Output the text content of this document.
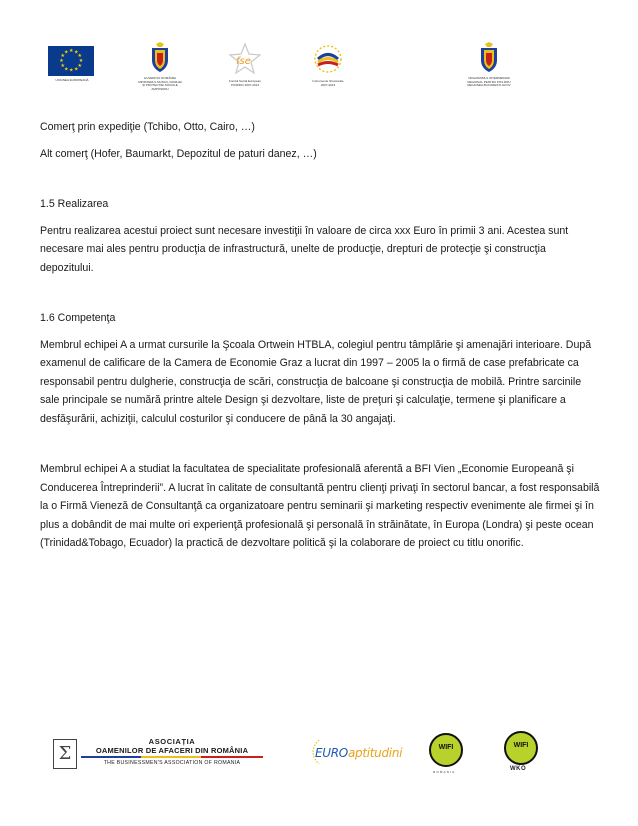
★ ★
★
★
★
★
★
★
★
★
★
★
UNIUNEA EUROPEANĂ	GUVERNUL ROMÂNIEI
MINISTERUL MUNCII, FAMILIEI
ȘI PROTECȚIEI SOCIALE
AMPOSDRU
fse
Fondul Social European
POSDRU 2007-2013
Instrumente Structurale
2007-2013
ORGANISMUL INTERMEDIAR
REGIONAL PENTRU POS DRU
REGIUNEA BUCUREȘTI-ILFOV

Comerţ prin expediţie (Tchibo, Otto, Cairo, …)

Alt comerţ (Hofer, Baumarkt, Depozitul de paturi danez, …)

1.5 Realizarea

Pentru realizarea acestui proiect sunt necesare investiţii în valoare de circa xxx Euro în primii 3 ani. Acestea sunt necesare mai ales pentru producţia de infrastructură, unelte de producţie, drepturi de protecţie şi construcţia depozitului.

1.6 Competenţa

Membrul echipei A a urmat cursurile la Şcoala Ortwein HTBLA, colegiul pentru tâmplărie şi amenajări interioare. După examenul de calificare de la Camera de Economie Graz a lucrat din 1997 – 2005 la o firmă de case prefabricate ca responsabil pentru dulgherie, construcţia de scări, construcţia de balcoane şi construcţia de mobilă. Printre sarcinile sale principale se numără printre altele Design şi dezvoltare, liste de preţuri şi calculaţie, termene şi planificare a desfăşurării, achiziţii, calculul costurilor şi conducere de până la 30 angajaţi.

Membrul echipei A a studiat la facultatea de specialitate profesională aferentă a BFI Vien „Economie Europeană şi Conducerea Întreprinderii”. A lucrat în calitate de consultantă pentru clienţi privaţi în sectorul bancar, a fost responsabilă la o Firmă Vieneză de Consultanţă ca organizatoare pentru seminarii şi marketing respectiv evenimente ale firmei şi în plus a dobândit de mai multe ori experienţă profesională şi personală în străinătate, în Europa (Londra) şi peste ocean (Trinidad&Tobago, Ecuador) la practică de dezvoltare politică şi la colaborare de proiect cu titlu onorific.

Σ
ASOCIAȚIA
OAMENILOR DE AFACERI DIN ROMÂNIA
THE BUSINESSMEN'S ASSOCIATION OF ROMANIA
EUROaptitudini	WIFI
ROMANIA
WIFI
WKO
